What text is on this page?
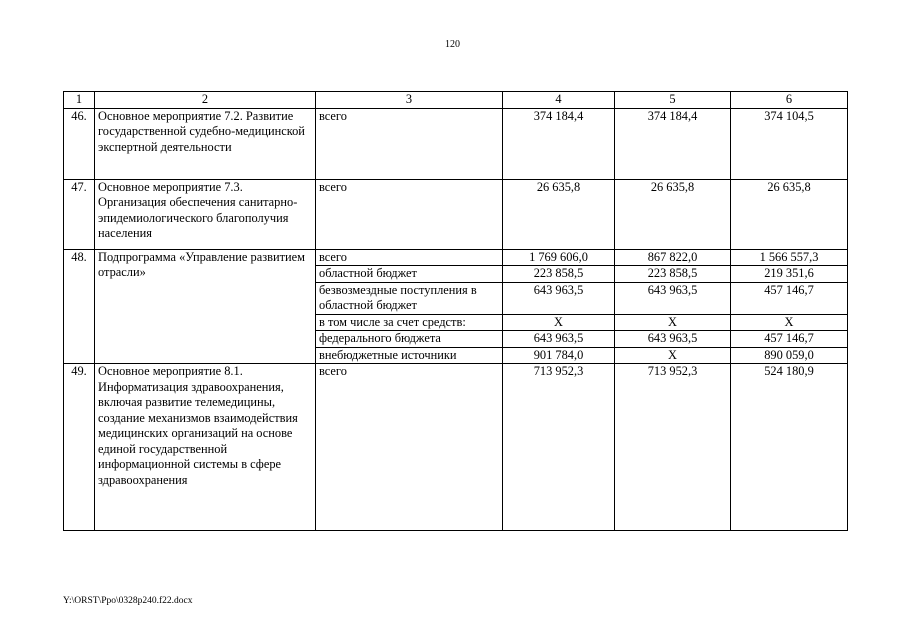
120
1	2	3	4	5	6
46.	Основное мероприятие 7.2. Развитие государственной судебно-медицинской экспертной деятельности	всего	374 184,4	374 184,4	374 104,5
47.	Основное мероприятие 7.3. Организация обеспечения санитарно-эпидемиологического благополучия населения	всего	26 635,8	26 635,8	26 635,8
48.	Подпрограмма «Управление развитием отрасли»	всего	1 769 606,0	867 822,0	1 566 557,3
		областной бюджет	223 858,5	223 858,5	219 351,6
		безвозмездные поступления в областной бюджет	643 963,5	643 963,5	457 146,7
		в том числе за счет средств:	X	X	X
		федерального бюджета	643 963,5	643 963,5	457 146,7
		внебюджетные источники	901 784,0	X	890 059,0
49.	Основное мероприятие 8.1. Информатизация здравоохранения, включая развитие телемедицины, создание механизмов взаимодействия медицинских организаций на основе единой государственной информационной системы в сфере здравоохранения	всего	713 952,3	713 952,3	524 180,9
Y:\ORST\Ppo\0328p240.f22.docx
